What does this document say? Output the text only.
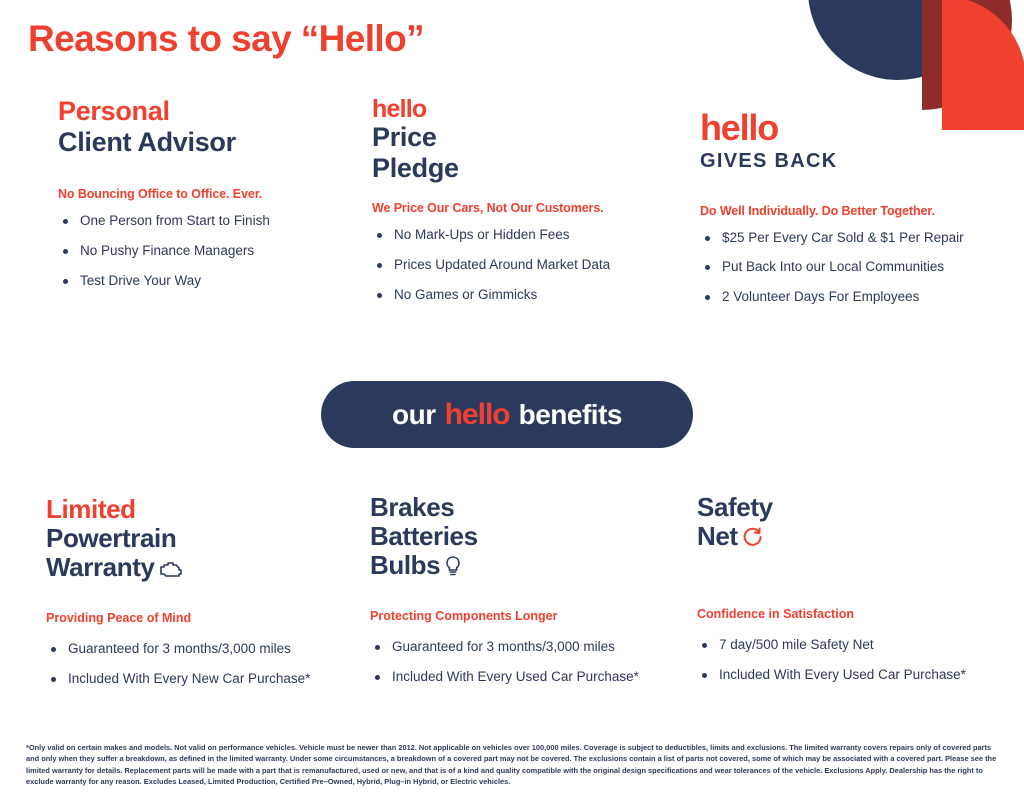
Reasons to say “Hello”
Personal
Client Advisor
No Bouncing Office to Office. Ever.
One Person from Start to Finish
No Pushy Finance Managers
Test Drive Your Way
hello
Price
Pledge
We Price Our Cars, Not Our Customers.
No Mark-Ups or Hidden Fees
Prices Updated Around Market Data
No Games or Gimmicks
hello
GIVES BACK
Do Well Individually. Do Better Together.
$25 Per Every Car Sold & $1 Per Repair
Put Back Into our Local Communities
2 Volunteer Days For Employees
our hello benefits
Limited
Powertrain
Warranty
Providing Peace of Mind
Guaranteed for 3 months/3,000 miles
Included With Every New Car Purchase*
Brakes
Batteries
Bulbs
Protecting Components Longer
Guaranteed for 3 months/3,000 miles
Included With Every Used Car Purchase*
Safety
Net
Confidence in Satisfaction
7 day/500 mile Safety Net
Included With Every Used Car Purchase*
*Only valid on certain makes and models. Not valid on performance vehicles. Vehicle must be newer than 2012. Not applicable on vehicles over 100,000 miles. Coverage is subject to deductibles, limits and exclusions. The limited warranty covers repairs only of covered parts and only when they suffer a breakdown, as defined in the limited warranty. Under some circumstances, a breakdown of a covered part may not be covered. The exclusions contain a list of parts not covered, some of which may be associated with a covered part. Please see the limited warranty for details. Replacement parts will be made with a part that is remanufactured, used or new, and that is of a kind and quality compatible with the original design specifications and wear tolerances of the vehicle. Exclusions Apply. Dealership has the right to exclude warranty for any reason. Excludes Leased, Limited Production, Certified Pre–Owned, Hybrid, Plug–in Hybrid, or Electric vehicles.
